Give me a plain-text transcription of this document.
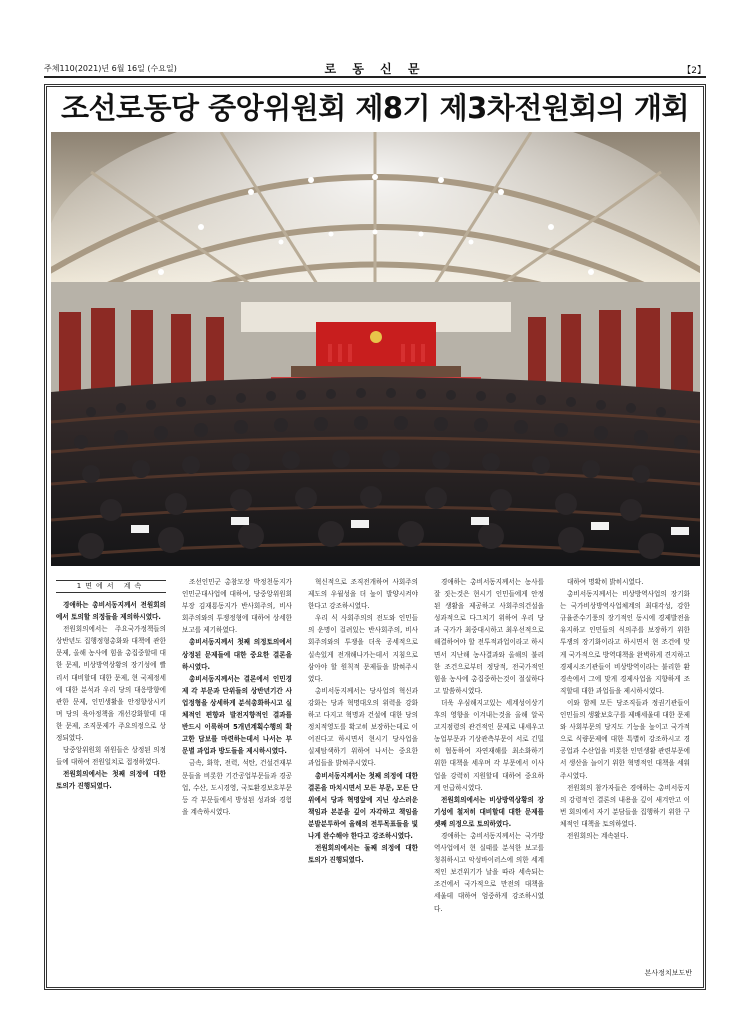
주체110(2021)년 6월 16일 (수요일)	로 동 신 문	【2】
조선로동당 중앙위원회 제8기 제3차전원회의 개회
1면에서 계속

경애하는 총비서동지께서 전원회의에서 토의할 의정들을 제의하시였다.

전원회의에서는 주요국가정책들의 상반년도 집행정형총화와 대책에 관한 문제, 올해 농사에 힘을 총집중할데 대한 문제, 비상방역상황의 장기성에 빨리서 대비할데 대한 문제, 현 국제정세에 대한 분석과 우리 당의 대응방향에 관한 문제, 인민생활을 안정향상시키며 당의 육아정책을 개선강화할데 대한 문제, 조직문제가 주요의정으로 상정되였다.

당중앙위원회 위원들은 상정된 의정들에 대하여 전원일치로 접정하였다.

전원회의에서는 첫째 의정에 대한 토의가 진행되였다.

조선인민군 총참모장 박정천동지가 인민군대사업에 대하여, 당중앙위원회 부장 김재룡동지가 반사회주의, 비사회주의와의 투쟁정형에 대하여 상세한 보고를 제기하였다.

총비서동지께서 첫째 의정토의에서 상정된 문제들에 대한 중요한 결론을 하시였다.

총비서동지께서는 결론에서 인민경제 각 부문과 단위들의 상반년기간 사업정형을 상세하게 분석총화하시고 실체적인 편향과 발전지향적인 결과를 반드시 이룩하며 5개년계획수행의 확고한 담보를 마련하는데서 나서는 부문별 과업과 방도들을 제시하시였다.

금속, 화학, 전력, 석탄, 건설건재부문들을 비롯한 기간공업부문들과 경공업, 수산, 도시경영, 국토환경보호부문 등 각 부문들에서 방성된 성과와 경험을 계속하시였다.

혁신적으로 조직전개하여 사회주의제도의 우월성을 더 높이 발양시켜야 한다고 강조하시였다.

우리 식 사회주의의 전도와 인민들의 운명이 걸려있는 반사회주의, 비사회주의와의 투쟁을 더욱 공세적으로 실속있게 전개해나가는데서 지침으로 삼아야 할 원칙적 문제들을 밝혀주시였다.

총비서동지께서는 당사업의 혁신과 강화는 당과 혁명대오의 위력을 강화하고 다지고 혁명과 건설에 대한 당의 정치적영도를 확고히 보장하는데로 이어진다고 하시면서 현시기 당사업을 실제탐색하기 위하여 나서는 중요한 과업들을 밝혀주시였다.

총비서동지께서는 첫째 의정에 대한 결론을 마치시면서 모든 부문, 모든 단위에서 당과 혁명앞에 지닌 상스러운 책임과 본분을 깊이 자각하고 책임을 분발분투하여 올해의 전투목표들을 빛나게 완수해야 한다고 강조하시였다.

전원회의에서는 둘째 의정에 대한 토의가 진행되였다.

경애하는 총비서동지께서는 농사를 잘 짓는것은 현시기 인민들에게 안정된 생활을 제공하고 사회주의건설을 성과적으로 다그치기 위하여 우리 당과 국가가 최중대시하고 최우선적으로 해결하여야 할 전투적과업이라고 하시면서 지난해 농사결과와 올해의 불리한 조건으로부터 정당적, 전국가적인 힘을 농사에 총집중하는것이 절실하다고 말씀하시였다.

더욱 우심해지고있는 세계성이상기후의 영향을 이겨내는것을 올해 알곡고지점령의 관건적인 문제로 내세우고 농업부문과 기상관측부문이 서로 긴밀히 협동하여 자연재해를 최소화하기 위한 대책을 세우며 각 부문에서 이사업을 강력히 지원할데 대하여 중요하게 언급하시였다.

전원회의에서는 비상방역상황의 장기성에 철저히 대비할데 대한 문제를 셋째 의정으로 토의하였다.

경애하는 총비서동지께서는 국가방역사업에서 현 실태를 분석한 보고를 청취하시고 악성바이러스에 의한 세계적인 보건위기가 날을 따라 세속되는 조건에서 국가적으로 만전의 대책을 세울데 대하여 엄중하게 강조하시였다.

대하여 명확히 밝히시였다.

총비서동지께서는 비상방역사업의 장기화는 국가비상방역사업체계의 최대각성, 강한 규율준수기풍의 장기적인 동시에 경제발전을 유지하고 인민들의 식의주를 보장하기 위한 투쟁의 장기화이라고 하시면서 현 조건에 맞게 국가적으로 방역대책을 완벽하게 견지하고 경제시조기관들이 비상방역이라는 불리한 환경속에서 그에 맞게 경제사업을 지향하게 조직할데 대한 과업들을 제시하시였다.

이와 함께 모든 당조직들과 정권기관들이 인민들의 생활보호구를 제배세울데 대한 문제와 사회부문의 당지도 기능을 높이고 국가적으로 식량문제에 대한 특별히 강조하시고 경공업과 수산업을 비롯한 인민생활 관련부문에서 생산을 늘이기 위한 혁명적인 대책을 세워주시였다.

전원회의 참가자들은 경애하는 총비서동지의 강령적인 결론의 내용을 깊이 새겨안고 이번 회의에서 자기 분담들을 집행하기 위한 구체적인 대책을 토의하였다.

전원회의는 계속된다.

본사정치보도반
